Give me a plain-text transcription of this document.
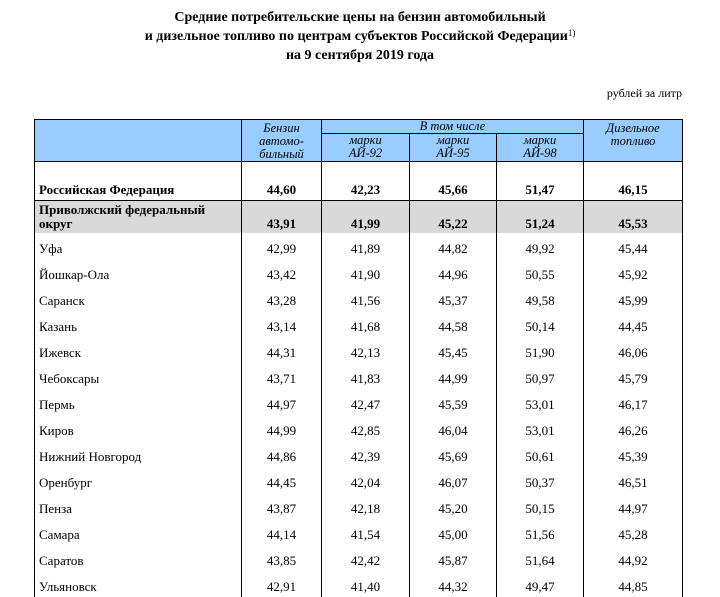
Средние потребительские цены на бензин автомобильный
и дизельное топливо по центрам субъектов Российской Федерации$^{1)}$
на 9 сентября 2019 года
рублей за литр
	Бензин автомо-бильный	В том числе			Дизельное топливо
		марки АЙ-92	марки АЙ-95	марки АЙ-98	
Российская Федерация	44,60	42,23	45,66	51,47	46,15
Приволжский федеральный округ	43,91	41,99	45,22	51,24	45,53
Уфа	42,99	41,89	44,82	49,92	45,44
Йошкар-Ола	43,42	41,90	44,96	50,55	45,92
Саранск	43,28	41,56	45,37	49,58	45,99
Казань	43,14	41,68	44,58	50,14	44,45
Ижевск	44,31	42,13	45,45	51,90	46,06
Чебоксары	43,71	41,83	44,99	50,97	45,79
Пермь	44,97	42,47	45,59	53,01	46,17
Киров	44,99	42,85	46,04	53,01	46,26
Нижний Новгород	44,86	42,39	45,69	50,61	45,39
Оренбург	44,45	42,04	46,07	50,37	46,51
Пенза	43,87	42,18	45,20	50,15	44,97
Самара	44,14	41,54	45,00	51,56	45,28
Саратов	43,85	42,42	45,87	51,64	44,92
Ульяновск	42,91	41,40	44,32	49,47	44,85
